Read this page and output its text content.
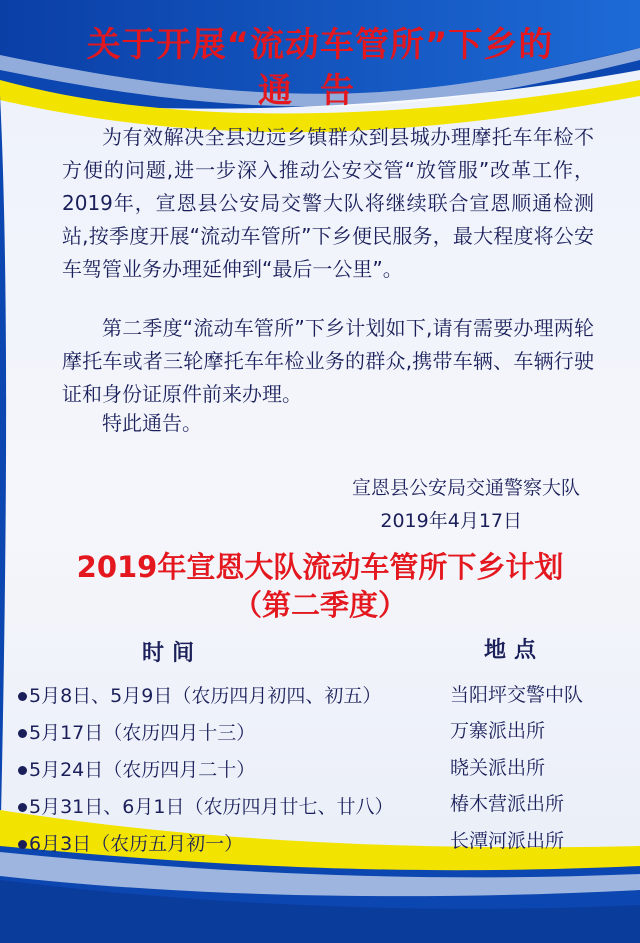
关于开展“流动车管所”下乡的
通告
为有效解决全县边远乡镇群众到县城办理摩托车年检不方便的问题,进一步深入推动公安交管“放管服”改革工作，2019年，宣恩县公安局交警大队将继续联合宣恩顺通检测站,按季度开展“流动车管所”下乡便民服务，最大程度将公安车驾管业务办理延伸到“最后一公里”。
第二季度“流动车管所”下乡计划如下,请有需要办理两轮摩托车或者三轮摩托车年检业务的群众,携带车辆、车辆行驶证和身份证原件前来办理。
特此通告。
宣恩县公安局交通警察大队
2019年4月17日
2019年宣恩大队流动车管所下乡计划
（第二季度）
时间	地点
5月8日、5月9日（农历四月初四、初五）	当阳坪交警中队
5月17日（农历四月十三）	万寨派出所
5月24日（农历四月二十）	晓关派出所
5月31日、6月1日（农历四月廿七、廿八）	椿木营派出所
6月3日（农历五月初一）	长潭河派出所
